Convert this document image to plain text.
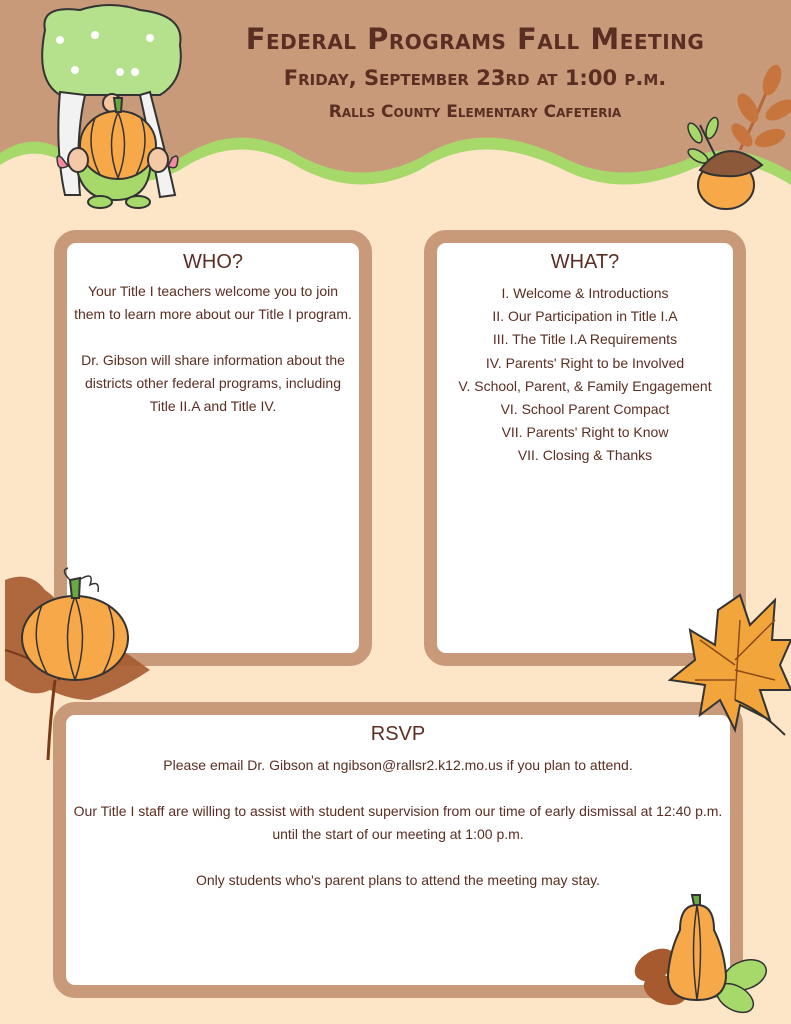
Federal Programs Fall Meeting
Friday, September 23rd at 1:00 p.m.
Ralls County Elementary Cafeteria
WHO?

Your Title I teachers welcome you to join them to learn more about our Title I program.

Dr. Gibson will share information about the districts other federal programs, including Title II.A and Title IV.

WHAT?
I. Welcome & Introductions
II. Our Participation in Title I.A
III. The Title I.A Requirements
IV. Parents' Right to be Involved
V. School, Parent, & Family Engagement
VI. School Parent Compact
VII. Parents' Right to Know
VII. Closing & Thanks
RSVP

Please email Dr. Gibson at ngibson@rallsr2.k12.mo.us if you plan to attend.

Our Title I staff are willing to assist with student supervision from our time of early dismissal at 12:40 p.m. until the start of our meeting at 1:00 p.m.

Only students who's parent plans to attend the meeting may stay.
